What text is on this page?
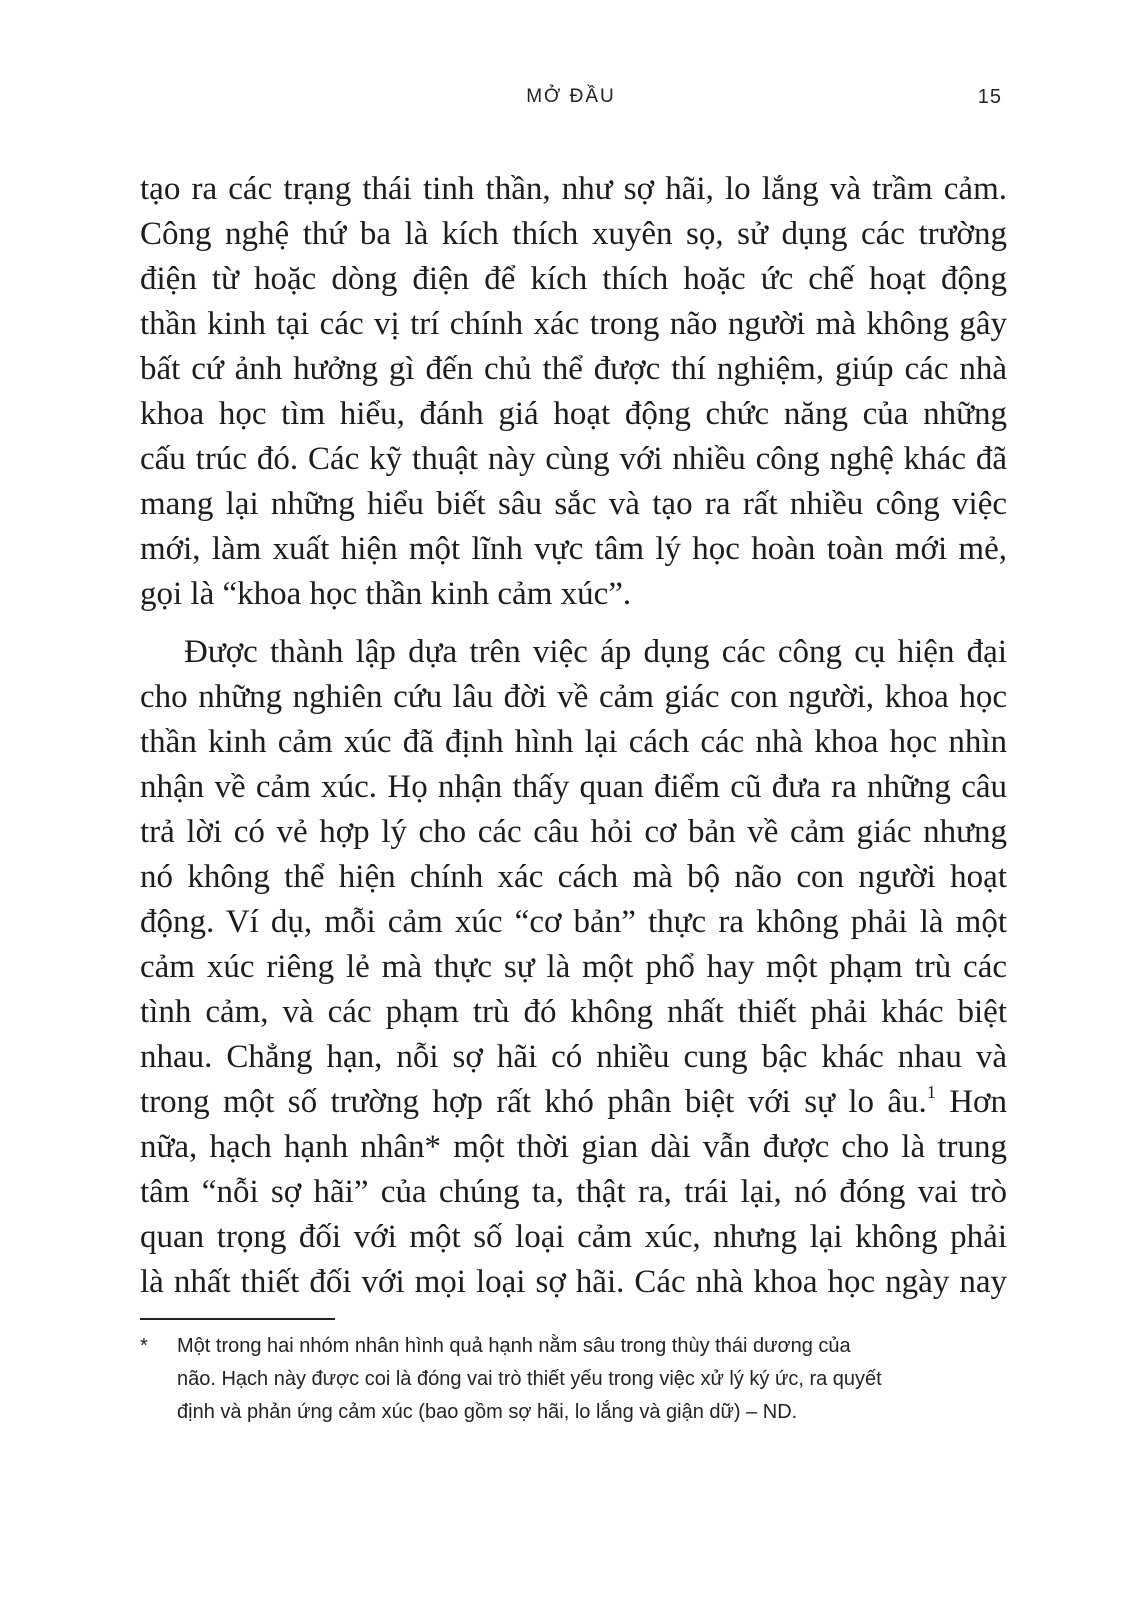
MỞ ĐẦU	15
tạo ra các trạng thái tinh thần, như sợ hãi, lo lắng và trầm cảm.
Công nghệ thứ ba là kích thích xuyên sọ, sử dụng các trường
điện từ hoặc dòng điện để kích thích hoặc ức chế hoạt động
thần kinh tại các vị trí chính xác trong não người mà không gây
bất cứ ảnh hưởng gì đến chủ thể được thí nghiệm, giúp các nhà
khoa học tìm hiểu, đánh giá hoạt động chức năng của những
cấu trúc đó. Các kỹ thuật này cùng với nhiều công nghệ khác đã
mang lại những hiểu biết sâu sắc và tạo ra rất nhiều công việc
mới, làm xuất hiện một lĩnh vực tâm lý học hoàn toàn mới mẻ,
gọi là “khoa học thần kinh cảm xúc”.
Được thành lập dựa trên việc áp dụng các công cụ hiện đại
cho những nghiên cứu lâu đời về cảm giác con người, khoa học
thần kinh cảm xúc đã định hình lại cách các nhà khoa học nhìn
nhận về cảm xúc. Họ nhận thấy quan điểm cũ đưa ra những câu
trả lời có vẻ hợp lý cho các câu hỏi cơ bản về cảm giác nhưng
nó không thể hiện chính xác cách mà bộ não con người hoạt
động. Ví dụ, mỗi cảm xúc “cơ bản” thực ra không phải là một
cảm xúc riêng lẻ mà thực sự là một phổ hay một phạm trù các
tình cảm, và các phạm trù đó không nhất thiết phải khác biệt
nhau. Chẳng hạn, nỗi sợ hãi có nhiều cung bậc khác nhau và
trong một số trường hợp rất khó phân biệt với sự lo âu.$^1$ Hơn
nữa, hạch hạnh nhân* một thời gian dài vẫn được cho là trung
tâm “nỗi sợ hãi” của chúng ta, thật ra, trái lại, nó đóng vai trò
quan trọng đối với một số loại cảm xúc, nhưng lại không phải
là nhất thiết đối với mọi loại sợ hãi. Các nhà khoa học ngày nay
* Một trong hai nhóm nhân hình quả hạnh nằm sâu trong thùy thái dương của
não. Hạch này được coi là đóng vai trò thiết yếu trong việc xử lý ký ức, ra quyết
định và phản ứng cảm xúc (bao gồm sợ hãi, lo lắng và giận dữ) – ND.
